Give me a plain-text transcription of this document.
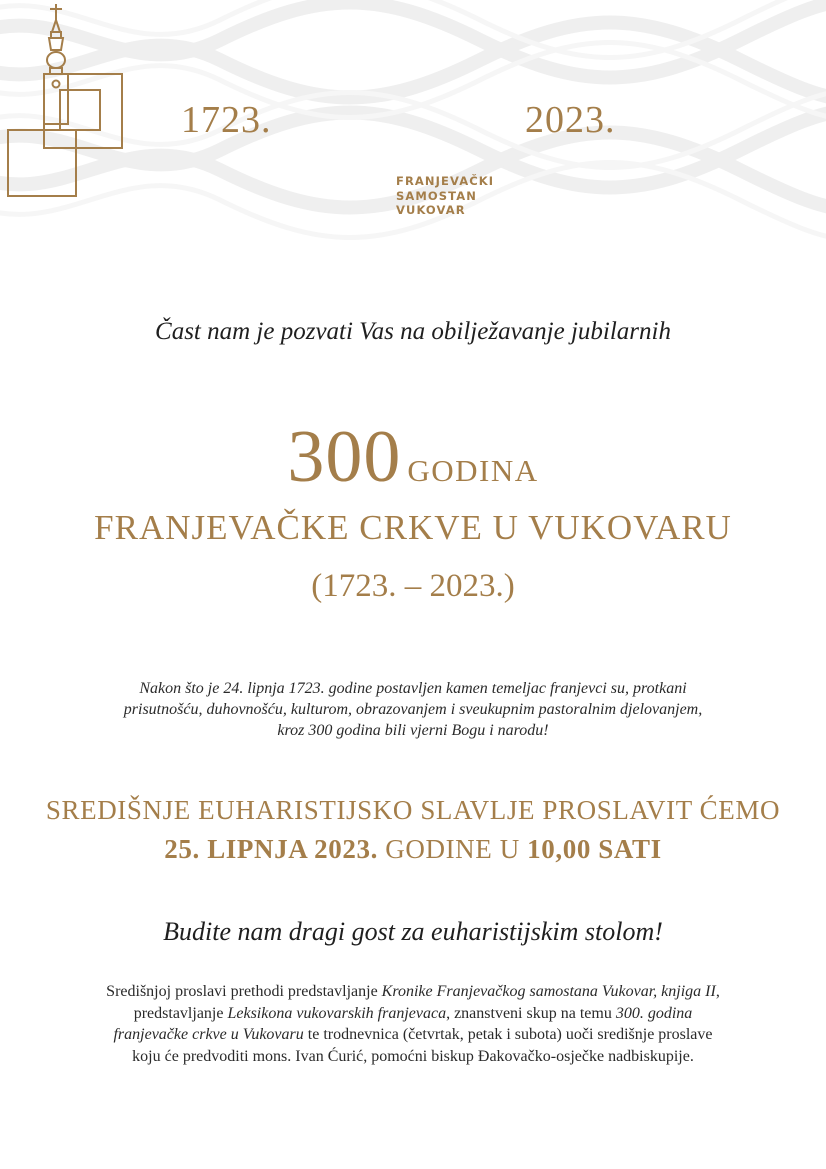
1723.	2023.
FRANJEVAČKI
SAMOSTAN
VUKOVAR
Čast nam je pozvati Vas na obilježavanje jubilarnih
300 GODINA
FRANJEVAČKE CRKVE U VUKOVARU
(1723. – 2023.)
Nakon što je 24. lipnja 1723. godine postavljen kamen temeljac franjevci su, protkani
prisutnošću, duhovnošću, kulturom, obrazovanjem i sveukupnim pastoralnim djelovanjem,
kroz 300 godina bili vjerni Bogu i narodu!
SREDIŠNJE EUHARISTIJSKO SLAVLJE PROSLAVIT ĆEMO
25. LIPNJA 2023. GODINE U 10,00 SATI
Budite nam dragi gost za euharistijskim stolom!
Središnjoj proslavi prethodi predstavljanje Kronike Franjevačkog samostana Vukovar, knjiga II, predstavljanje Leksikona vukovarskih franjevaca, znanstveni skup na temu 300. godina franjevačke crkve u Vukovaru te trodnevnica (četvrtak, petak i subota) uoči središnje proslave koju će predvoditi mons. Ivan Ćurić, pomoćni biskup Đakovačko-osječke nadbiskupije.
